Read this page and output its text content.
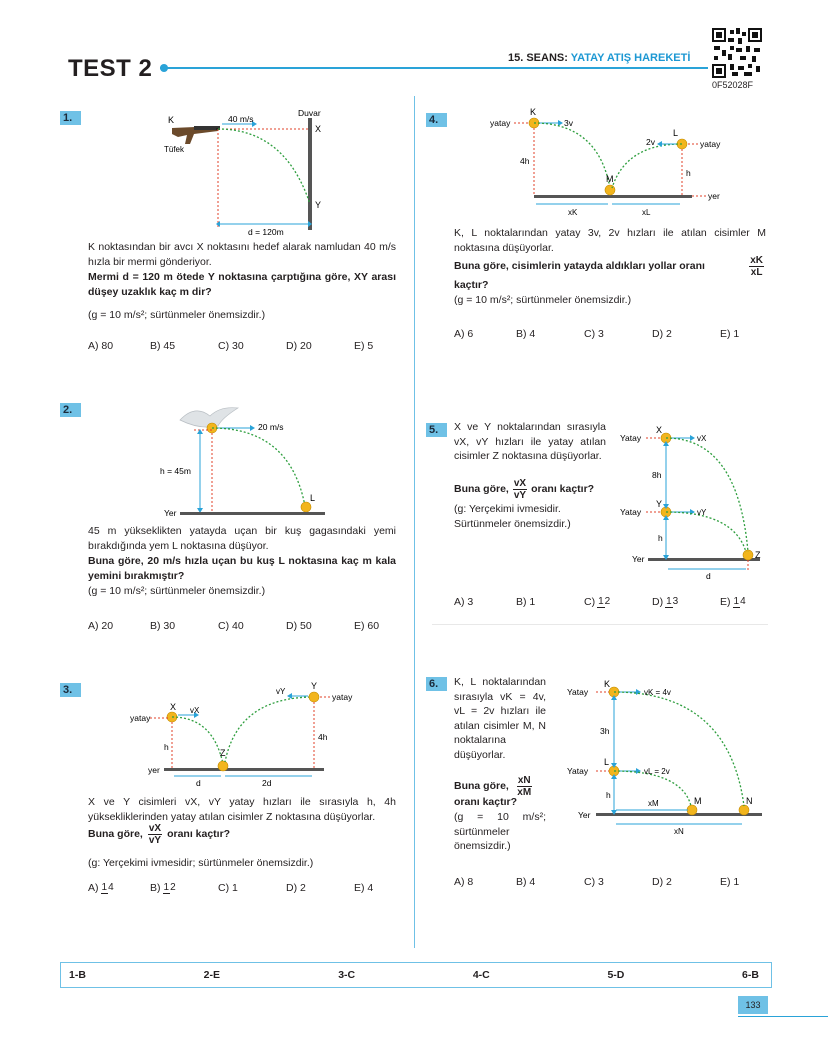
TEST 2	15. SEANS: YATAY ATIŞ HAREKETİ
0F52028F
1.	K
Tüfek
40 m/s
Duvar
X
Y
d = 120m
K noktasından bir avcı X noktasını hedef alarak namludan 40 m/s hızla bir mermi gönderiyor.
Mermi d = 120 m ötede Y noktasına çarptığına göre, XY arası düşey uzaklık kaç m dir?
(g = 10 m/s²; sürtünmeler önemsizdir.)
A) 80	B) 45	C) 30	D) 20	E) 5
2.
20 m/s
h = 45m
Yer
L
45 m yükseklikten yatayda uçan bir kuş gagasındaki yemi bırakdığında yem L noktasına düşüyor.
Buna göre, 20 m/s hızla uçan bu kuş L noktasına kaç m kala yemini bırakmıştır?
(g = 10 m/s²; sürtünmeler önemsizdir.)
A) 20	B) 30	C) 40	D) 50	E) 60
3.
X vX
yatay
h
yer
Z
d	2d
Y
vY
yatay
4h
X ve Y cisimleri vX, vY yatay hızları ile sırasıyla h, 4h yüksekliklerinden yatay atılan cisimler Z noktasına düşüyorlar.
Buna göre, $\frac{vX}{vY}$ oranı kaçtır?
(g: Yerçekimi ivmesidir; sürtünmeler önemsizdir.)
A) 14	B) 12	C) 1	D) 2	E) 4
4.	yatay
K
3v
4h
M
2v
L
yatay
h
yer
xK	xL
K, L noktalarından yatay 3v, 2v hızları ile atılan cisimler M noktasına düşüyorlar.
Buna göre, cisimlerin yatayda aldıkları yollar oranı	$\frac{xK}{xL}$
kaçtır?
(g = 10 m/s²; sürtünmeler önemsizdir.)
A) 6	B) 4	C) 3	D) 2	E) 1
5.	X ve Y noktalarından sırasıyla vX, vY hızları ile yatay atılan cisimler Z noktasına düşüyorlar.
Buna göre, $\frac{vX}{vY}$ oranı kaçtır?
(g: Yerçekimi ivmesidir. Sürtünmeler önemsizdir.)
Yatay
X
vX
8h
Yatay
Y
vY
h
Yer	Z
d
A) 3	B) 1	C) 12	D) 13	E) 14
6.	K, L noktalarından sırasıyla vK = 4v, vL = 2v hızları ile atılan cisimler M, N noktalarına düşüyorlar.
Buna göre, $\frac{xN}{xM}$
oranı kaçtır?
(g = 10 m/s²; sürtünmeler önemsizdir.)
Yatay
K
vK = 4v
3h
Yatay
L
vL = 2v
h
Yer
xM	M	N
xN
A) 8	B) 4	C) 3	D) 2	E) 1
1-B	2-E	3-C	4-C	5-D	6-B
133
